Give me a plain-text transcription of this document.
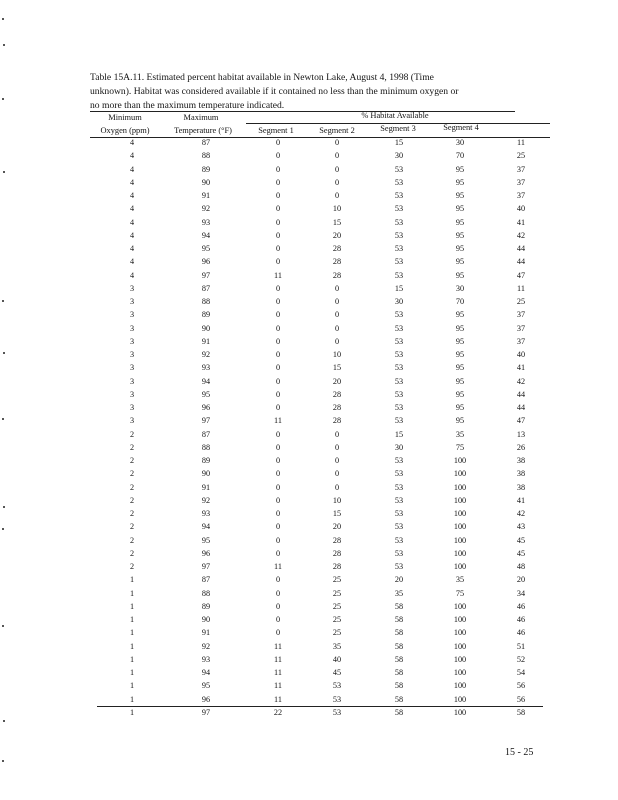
Table 15A.11. Estimated percent habitat available in Newton Lake, August 4, 1998 (Time
unknown). Habitat was considered available if it contained no less than the minimum oxygen or
no more than the maximum temperature indicated.
Minimum	Maximum	% Habitat Available
Oxygen (ppm)	Temperature (°F)	Segment 1	Segment 2	Segment 3	Segment 4
4	87	0	0	15	30	11
4	88	0	0	30	70	25
4	89	0	0	53	95	37
4	90	0	0	53	95	37
4	91	0	0	53	95	37
4	92	0	10	53	95	40
4	93	0	15	53	95	41
4	94	0	20	53	95	42
4	95	0	28	53	95	44
4	96	0	28	53	95	44
4	97	11	28	53	95	47
3	87	0	0	15	30	11
3	88	0	0	30	70	25
3	89	0	0	53	95	37
3	90	0	0	53	95	37
3	91	0	0	53	95	37
3	92	0	10	53	95	40
3	93	0	15	53	95	41
3	94	0	20	53	95	42
3	95	0	28	53	95	44
3	96	0	28	53	95	44
3	97	11	28	53	95	47
2	87	0	0	15	35	13
2	88	0	0	30	75	26
2	89	0	0	53	100	38
2	90	0	0	53	100	38
2	91	0	0	53	100	38
2	92	0	10	53	100	41
2	93	0	15	53	100	42
2	94	0	20	53	100	43
2	95	0	28	53	100	45
2	96	0	28	53	100	45
2	97	11	28	53	100	48
1	87	0	25	20	35	20
1	88	0	25	35	75	34
1	89	0	25	58	100	46
1	90	0	25	58	100	46
1	91	0	25	58	100	46
1	92	11	35	58	100	51
1	93	11	40	58	100	52
1	94	11	45	58	100	54
1	95	11	53	58	100	56
1	96	11	53	58	100	56
1	97	22	53	58	100	58
15 - 25
